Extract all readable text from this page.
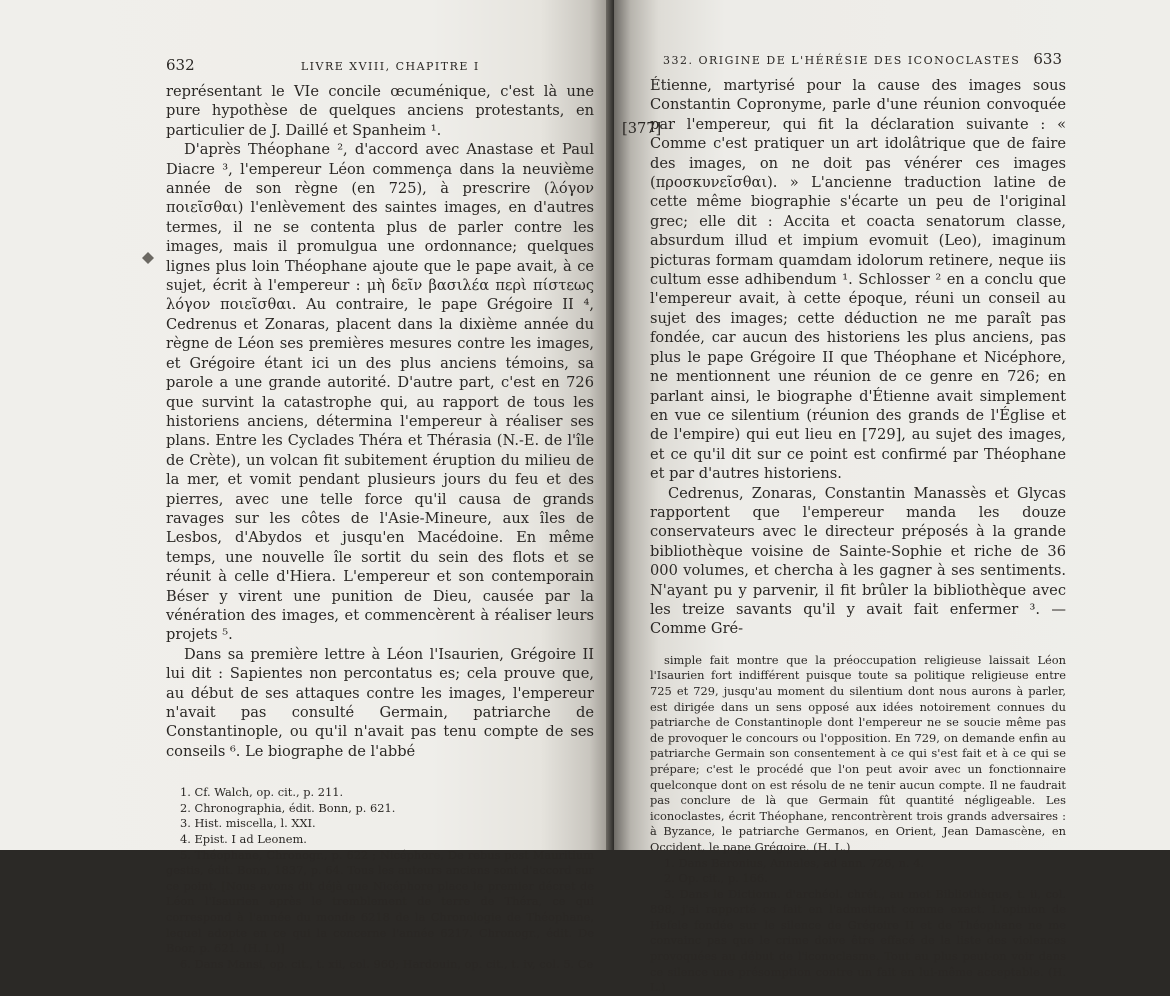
632	LIVRE XVIII, CHAPITRE I

représentant le VIe concile œcuménique, c'est là une pure hypothèse de quelques anciens protestants, en particulier de J. Daillé et Spanheim ¹.

D'après Théophane ², d'accord avec Anastase et Paul Diacre ³, l'empereur Léon commença dans la neuvième année de son règne (en 725), à prescrire (λόγον ποιεῖσθαι) l'enlèvement des saintes images, en d'autres termes, il ne se contenta plus de parler contre les images, mais il promulgua une ordonnance; quelques lignes plus loin Théophane ajoute que le pape avait, à ce sujet, écrit à l'empereur : μὴ δεῖν βασιλέα περὶ πίστεως λόγον ποιεῖσθαι. Au contraire, le pape Grégoire II ⁴, Cedrenus et Zonaras, placent dans la dixième année du règne de Léon ses premières mesures contre les images, et Grégoire étant ici un des plus anciens témoins, sa parole a une grande autorité. D'autre part, c'est en 726 que survint la catastrophe qui, au rapport de tous les historiens anciens, détermina l'empereur à réaliser ses plans. Entre les Cyclades Théra et Thérasia (N.-E. de l'île de Crète), un volcan fit subitement éruption du milieu de la mer, et vomit pendant plusieurs jours du feu et des pierres, avec une telle force qu'il causa de grands ravages sur les côtes de l'Asie-Mineure, aux îles de Lesbos, d'Abydos et jusqu'en Macédoine. En même temps, une nouvelle île sortit du sein des flots et se réunit à celle d'Hiera. L'empereur et son contemporain Béser y virent une punition de Dieu, causée par la vénération des images, et commencèrent à réaliser leurs projets ⁵.

Dans sa première lettre à Léon l'Isaurien, Grégoire II lui dit : Sapientes non percontatus es; cela prouve que, au début de ses attaques contre les images, l'empereur n'avait pas consulté Germain, patriarche de Constantinople, ou qu'il n'avait pas tenu compte de ses conseils ⁶. Le biographe de l'abbé

1. Cf. Walch, op. cit., p. 211.

2. Chronographia, édit. Bonn, p. 621.

3. Hist. miscella, l. XXI.

4. Epist. I ad Leonem.

5. Théophane, Chronogr., p. 622 ; Nicéphore, De rebus post Mauritium gestis, édit. Bonn, 1837, p. 64. Tous les auteurs anciens sont d'accord sur ce point. [Nous avons dit déjà que Nicéphore place le premier décret de Léon l'Isaurien après le tremblement de terre de Théra, ce qui correspond à l'année du monde 6218 de la Chronologie de Théophane, lequel adopte en ce qui la concerne l'année 6217. Chronogr., édit. De Boor, p. 621. (H. L.)]

6. Dans Mansi, op. cit., t. xii, col. 960; Hardouin, op. cit., t. iv, col. 5. Ce

332. ORIGINE DE L'HÉRÉSIE DES ICONOCLASTES 633
[377]

Étienne, martyrisé pour la cause des images sous Constantin Copronyme, parle d'une réunion convoquée par l'empereur, qui fit la déclaration suivante : « Comme c'est pratiquer un art idolâtrique que de faire des images, on ne doit pas vénérer ces images (προσκυνεῖσθαι). » L'ancienne traduction latine de cette même biographie s'écarte un peu de l'original grec; elle dit : Accita et coacta senatorum classe, absurdum illud et impium evomuit (Leo), imaginum picturas formam quamdam idolorum retinere, neque iis cultum esse adhibendum ¹. Schlosser ² en a conclu que l'empereur avait, à cette époque, réuni un conseil au sujet des images; cette déduction ne me paraît pas fondée, car aucun des historiens les plus anciens, pas plus le pape Grégoire II que Théophane et Nicéphore, ne mentionnent une réunion de ce genre en 726; en parlant ainsi, le biographe d'Étienne avait simplement en vue ce silentium (réunion des grands de l'Église et de l'empire) qui eut lieu en [729], au sujet des images, et ce qu'il dit sur ce point est confirmé par Théophane et par d'autres historiens.

Cedrenus, Zonaras, Constantin Manassès et Glycas rapportent que l'empereur manda les douze conservateurs avec le directeur préposés à la grande bibliothèque voisine de Sainte-Sophie et riche de 36 000 volumes, et chercha à les gagner à ses sentiments. N'ayant pu y parvenir, il fit brûler la bibliothèque avec les treize savants qu'il y avait fait enfermer ³. — Comme Gré-

simple fait montre que la préoccupation religieuse laissait Léon l'Isaurien fort indifférent puisque toute sa politique religieuse entre 725 et 729, jusqu'au moment du silentium dont nous aurons à parler, est dirigée dans un sens opposé aux idées notoirement connues du patriarche de Constantinople dont l'empereur ne se soucie même pas de provoquer le concours ou l'opposition. En 729, on demande enfin au patriarche Germain son consentement à ce qui s'est fait et à ce qui se prépare; c'est le procédé que l'on peut avoir avec un fonctionnaire quelconque dont on est résolu de ne tenir aucun compte. Il ne faudrait pas conclure de là que Germain fût quantité négligeable. Les iconoclastes, écrit Théophane, rencontrèrent trois grands adversaires : à Byzance, le patriarche Germanos, en Orient, Jean Damascène, en Occident, le pape Grégoire. (H. L.)

1. Dans Baronius, Annales, ad ann. 726, n. 4.

2. Op. cit., p. 166.

3. Dans le Dictionn. d'archéol. chrét., au mot Bibliothèque, t. ii, col. 898, j'ai rapporté ce fait en l'admettant comme exact. L'opinion de Hefele fondée sur le silence de Grégoire II et de Théophane ne me convainc pas que le crime doive être effacé de la liste des violences provoquées au début de l'iconoclasme. Tout au plus peut-on voir dans ce silence une présomption contre un fait en lui-même acceptable. (H. L.)
